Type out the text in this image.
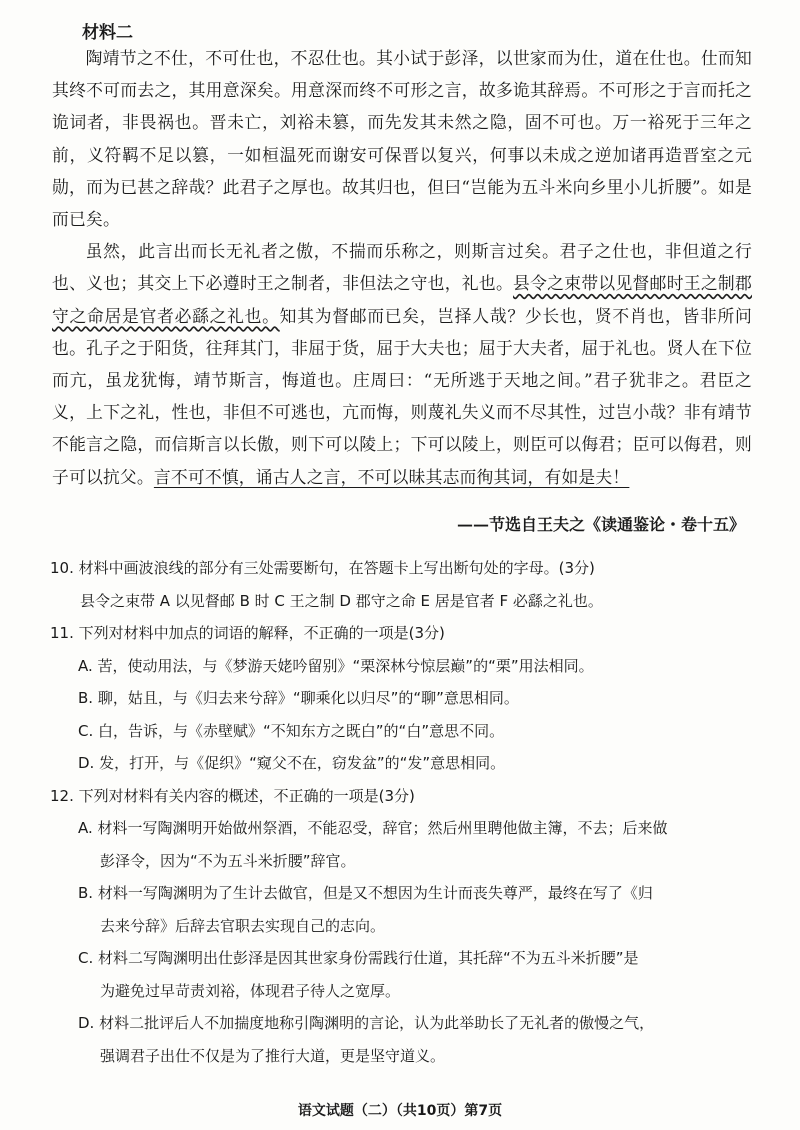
材料二

陶靖节之不仕，不可仕也，不忍仕也。其小试于彭泽，以世家而为仕，道在仕也。仕而知其终不可而去之，其用意深矣。用意深而终不可形之言，故多诡其辞焉。不可形之于言而托之诡词者，非畏祸也。晋未亡，刘裕未篡，而先发其未然之隐，固不可也。万一裕死于三年之前，义符羁不足以篡，一如桓温死而谢安可保晋以复兴，何事以未成之逆加诸再造晋室之元勋，而为已甚之辞哉？此君子之厚也。故其归也，但曰“岂能为五斗米向乡里小儿折腰”。如是而已矣。

虽然，此言出而长无礼者之傲，不揣而乐称之，则斯言过矣。君子之仕也，非但道之行也、义也；其交上下必遵时王之制者，非但法之守也，礼也。县令之束带以见督邮时王之制郡守之命居是官者必繇之礼也。知其为督邮而已矣，岂择人哉？少长也，贤不肖也，皆非所问也。孔子之于阳货，往拜其门，非屈于货，屈于大夫也；屈于大夫者，屈于礼也。贤人在下位而亢，虽龙犹悔，靖节斯言，悔道也。庄周曰：“无所逃于天地之间。”君子犹非之。君臣之义，上下之礼，性也，非但不可逃也，亢而悔，则蔑礼失义而不尽其性，过岂小哉？非有靖节不能言之隐，而信斯言以长傲，则下可以陵上；下可以陵上，则臣可以侮君；臣可以侮君，则子可以抗父。言不可不慎，诵古人之言，不可以昧其志而徇其词，有如是夫！

——节选自王夫之《读通鉴论・卷十五》

10. 材料中画波浪线的部分有三处需要断句，在答题卡上写出断句处的字母。(3分)

县令之束带 A 以见督邮 B 时 C 王之制 D 郡守之命 E 居是官者 F 必繇之礼也。

11. 下列对材料中加点的词语的解释，不正确的一项是(3分)

A. 苦，使动用法，与《梦游天姥吟留别》“栗深林兮惊层巅”的“栗”用法相同。

B. 聊，姑且，与《归去来兮辞》“聊乘化以归尽”的“聊”意思相同。

C. 白，告诉，与《赤壁赋》“不知东方之既白”的“白”意思不同。

D. 发，打开，与《促织》“窥父不在，窃发盆”的“发”意思相同。

12. 下列对材料有关内容的概述，不正确的一项是(3分)

A. 材料一写陶渊明开始做州祭酒，不能忍受，辞官；然后州里聘他做主簿，不去；后来做

彭泽令，因为“不为五斗米折腰”辞官。

B. 材料一写陶渊明为了生计去做官，但是又不想因为生计而丧失尊严，最终在写了《归

去来兮辞》后辞去官职去实现自己的志向。

C. 材料二写陶渊明出仕彭泽是因其世家身份需践行仕道，其托辞“不为五斗米折腰”是

为避免过早苛责刘裕，体现君子待人之宽厚。

D. 材料二批评后人不加揣度地称引陶渊明的言论，认为此举助长了无礼者的傲慢之气，

强调君子出仕不仅是为了推行大道，更是坚守道义。

语文试题（二）（共10页）第7页
